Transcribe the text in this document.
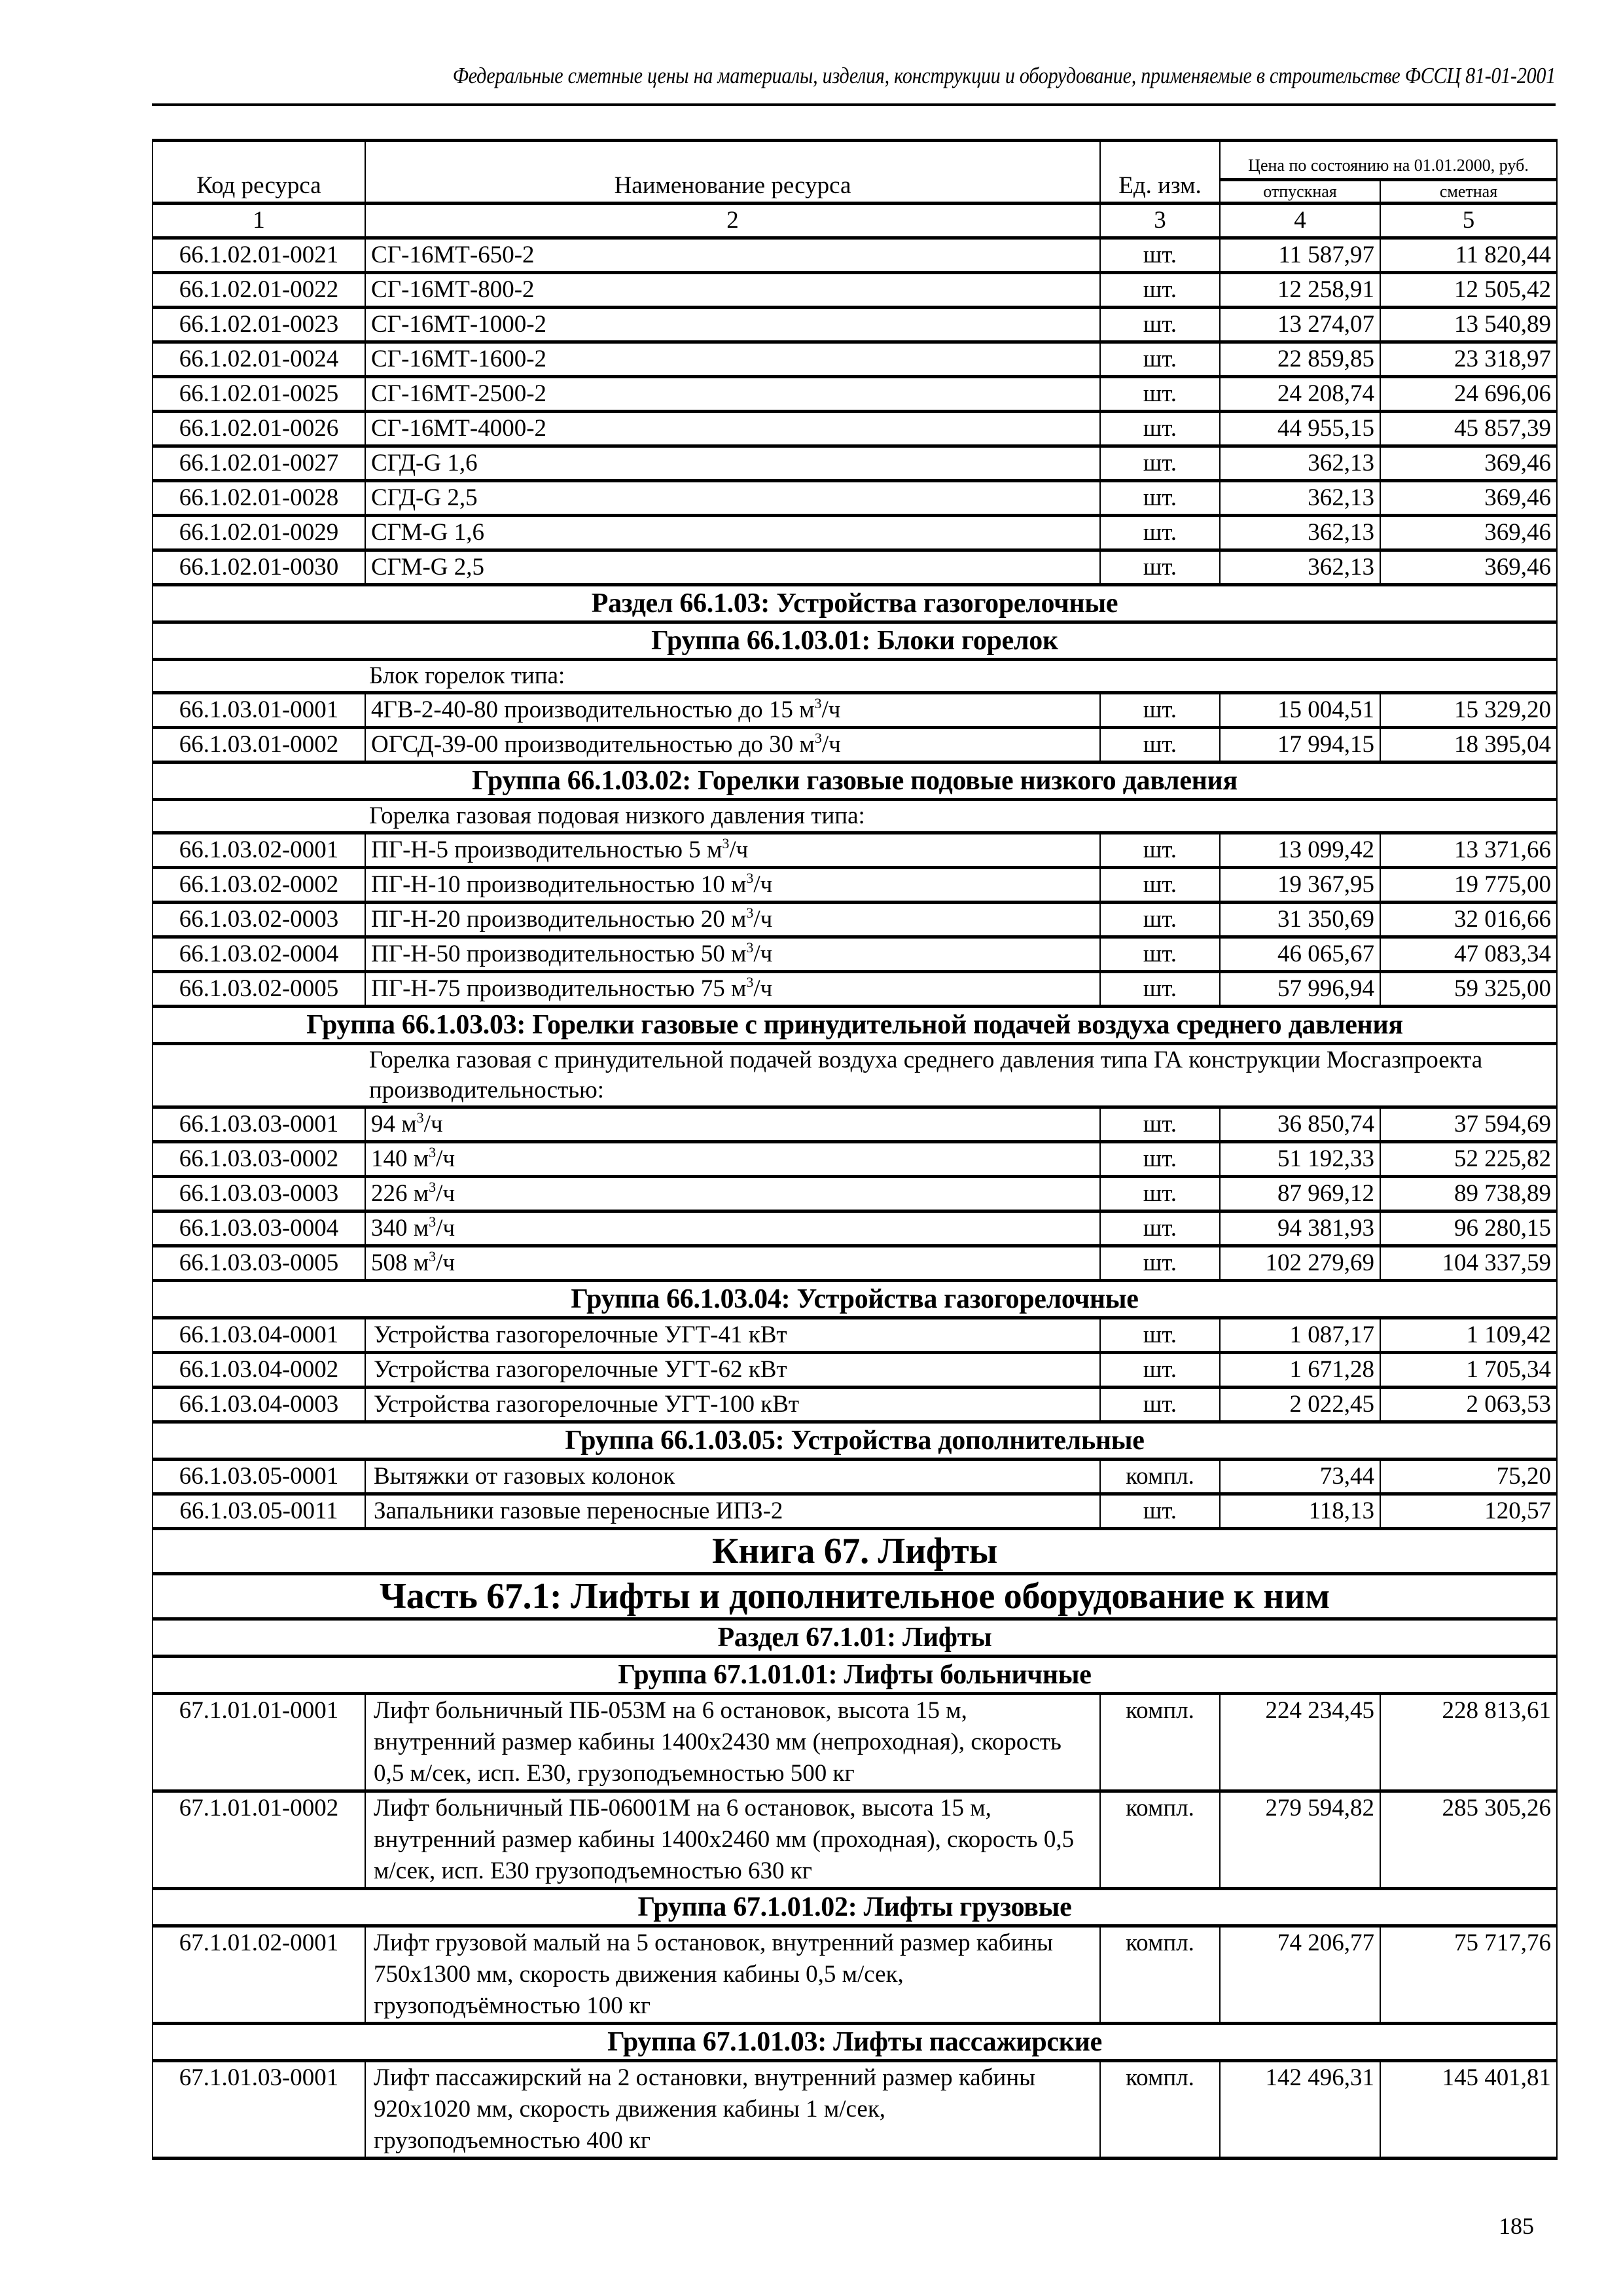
Федеральные сметные цены на материалы, изделия, конструкции и оборудование, применяемые в строительстве ФССЦ 81-01-2001
Код ресурса	Наименование ресурса	Ед. изм.	Цена по состоянию на 01.01.2000, руб.	
			отпускная	сметная
1	2	3	4	5
66.1.02.01-0021	СГ-16МТ-650-2	шт.	11 587,97	11 820,44
66.1.02.01-0022	СГ-16МТ-800-2	шт.	12 258,91	12 505,42
66.1.02.01-0023	СГ-16МТ-1000-2	шт.	13 274,07	13 540,89
66.1.02.01-0024	СГ-16МТ-1600-2	шт.	22 859,85	23 318,97
66.1.02.01-0025	СГ-16МТ-2500-2	шт.	24 208,74	24 696,06
66.1.02.01-0026	СГ-16МТ-4000-2	шт.	44 955,15	45 857,39
66.1.02.01-0027	СГД-G 1,6	шт.	362,13	369,46
66.1.02.01-0028	СГД-G 2,5	шт.	362,13	369,46
66.1.02.01-0029	СГМ-G 1,6	шт.	362,13	369,46
66.1.02.01-0030	СГМ-G 2,5	шт.	362,13	369,46
Раздел 66.1.03: Устройства газогорелочные				
Группа 66.1.03.01: Блоки горелок				
Блок горелок типа:				
66.1.03.01-0001	4ГВ-2-40-80 производительностью до 15 $м^3/ч$	шт.	15 004,51	15 329,20
66.1.03.01-0002	ОГСД-39-00 производительностью до 30 $м^3/ч$	шт.	17 994,15	18 395,04
Группа 66.1.03.02: Горелки газовые подовые низкого давления				
Горелка газовая подовая низкого давления типа:				
66.1.03.02-0001	ПГ-Н-5 производительностью 5 $м^3/ч$	шт.	13 099,42	13 371,66
66.1.03.02-0002	ПГ-Н-10 производительностью 10 $м^3/ч$	шт.	19 367,95	19 775,00
66.1.03.02-0003	ПГ-Н-20 производительностью 20 $м^3/ч$	шт.	31 350,69	32 016,66
66.1.03.02-0004	ПГ-Н-50 производительностью 50 $м^3/ч$	шт.	46 065,67	47 083,34
66.1.03.02-0005	ПГ-Н-75 производительностью 75 $м^3/ч$	шт.	57 996,94	59 325,00
Группа 66.1.03.03: Горелки газовые с принудительной подачей воздуха среднего давления				
Горелка газовая с принудительной подачей воздуха среднего давления типа ГА конструкции Мосгазпроекта производительностью:				
66.1.03.03-0001	94 $м^3/ч$	шт.	36 850,74	37 594,69
66.1.03.03-0002	140 $м^3/ч$	шт.	51 192,33	52 225,82
66.1.03.03-0003	226 $м^3/ч$	шт.	87 969,12	89 738,89
66.1.03.03-0004	340 $м^3/ч$	шт.	94 381,93	96 280,15
66.1.03.03-0005	508 $м^3/ч$	шт.	102 279,69	104 337,59
Группа 66.1.03.04: Устройства газогорелочные				
66.1.03.04-0001	Устройства газогорелочные УГТ-41 кВт	шт.	1 087,17	1 109,42
66.1.03.04-0002	Устройства газогорелочные УГТ-62 кВт	шт.	1 671,28	1 705,34
66.1.03.04-0003	Устройства газогорелочные УГТ-100 кВт	шт.	2 022,45	2 063,53
Группа 66.1.03.05: Устройства дополнительные				
66.1.03.05-0001	Вытяжки от газовых колонок	компл.	73,44	75,20
66.1.03.05-0011	Запальники газовые переносные ИПЗ-2	шт.	118,13	120,57
Книга 67. Лифты				
Часть 67.1: Лифты и дополнительное оборудование к ним				
Раздел 67.1.01: Лифты				
Группа 67.1.01.01: Лифты больничные				
67.1.01.01-0001	Лифт больничный ПБ-053М на 6 остановок, высота 15 м, внутренний размер кабины 1400х2430 мм (непроходная), скорость 0,5 м/сек, исп. Е30, грузоподъемностью 500 кг	компл.	224 234,45	228 813,61
67.1.01.01-0002	Лифт больничный ПБ-06001М на 6 остановок, высота 15 м, внутренний размер кабины 1400х2460 мм (проходная), скорость 0,5 м/сек, исп. Е30 грузоподъемностью 630 кг	компл.	279 594,82	285 305,26
Группа 67.1.01.02: Лифты грузовые				
67.1.01.02-0001	Лифт грузовой малый на 5 остановок, внутренний размер кабины 750х1300 мм, скорость движения кабины 0,5 м/сек, грузоподъёмностью 100 кг	компл.	74 206,77	75 717,76
Группа 67.1.01.03: Лифты пассажирские				
67.1.01.03-0001	Лифт пассажирский на 2 остановки, внутренний размер кабины 920х1020 мм, скорость движения кабины 1 м/сек, грузоподъемностью 400 кг	компл.	142 496,31	145 401,81
185
